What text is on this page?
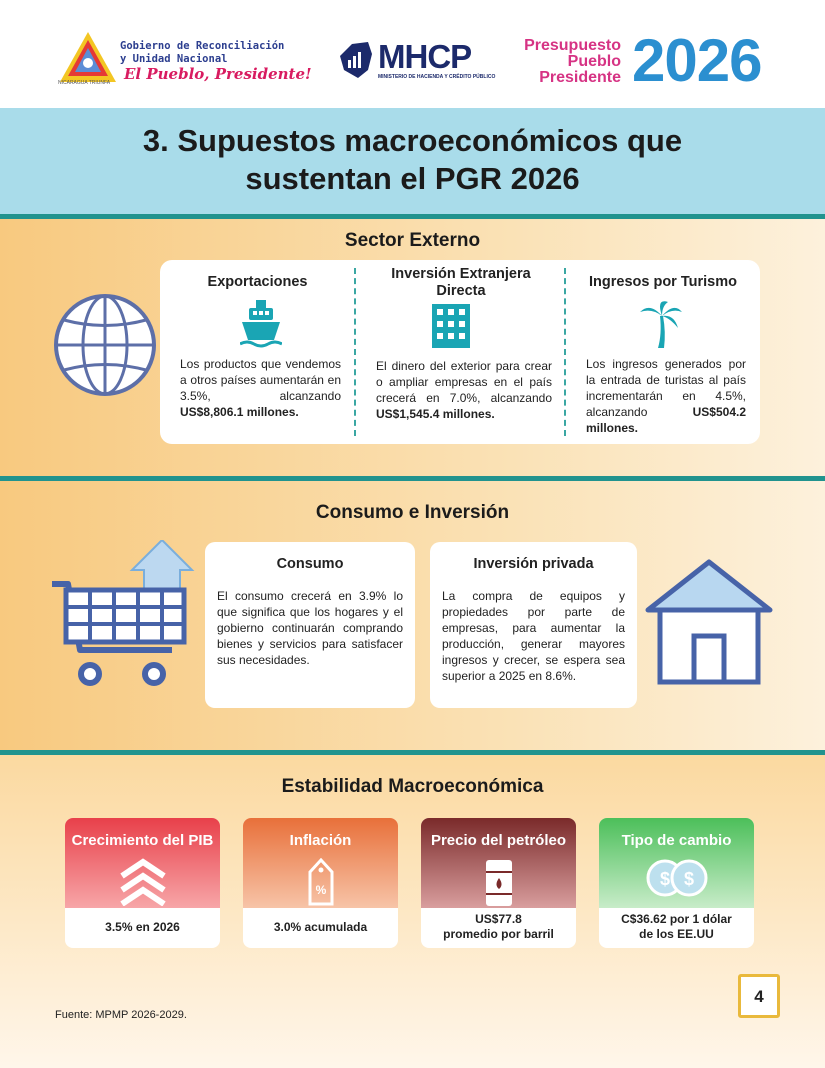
Gobierno de Reconciliación
y Unidad Nacional
El Pueblo, Presidente!
NICARAGUA TRIUNFA
MHCP
MINISTERIO DE HACIENDA Y CRÉDITO PÚBLICO
Presupuesto
Pueblo
Presidente 2026
3. Supuestos macroeconómicos que
sustentan el PGR 2026
Sector Externo
Exportaciones

Los productos que vendemos a otros países aumentarán en 3.5%, alcanzando US$8,806.1 millones.

Inversión Extranjera
Directa

El dinero del exterior para crear o ampliar empresas en el país crecerá en 7.0%, alcanzando US$1,545.4 millones.

Ingresos por Turismo

Los ingresos generados por la entrada de turistas al país incrementarán en 4.5%, alcanzando	US$504.2 millones.

Consumo e Inversión
Consumo

El consumo crecerá en 3.9% lo que significa que los hogares y el gobierno continuarán comprando bienes y servicios para satisfacer sus necesidades.

Inversión privada

La compra de equipos y propiedades por parte de empresas, para aumentar la producción, generar mayores ingresos y crecer, se espera sea superior a 2025 en 8.6%.

Estabilidad Macroeconómica
Crecimiento del PIB
3.5% en 2026
Inflación
%
3.0% acumulada
Precio del petróleo
US$77.8
promedio por barril
Tipo de cambio
$ $
C$36.62 por 1 dólar
de los EE.UU
Fuente: MPMP 2026-2029.
4
